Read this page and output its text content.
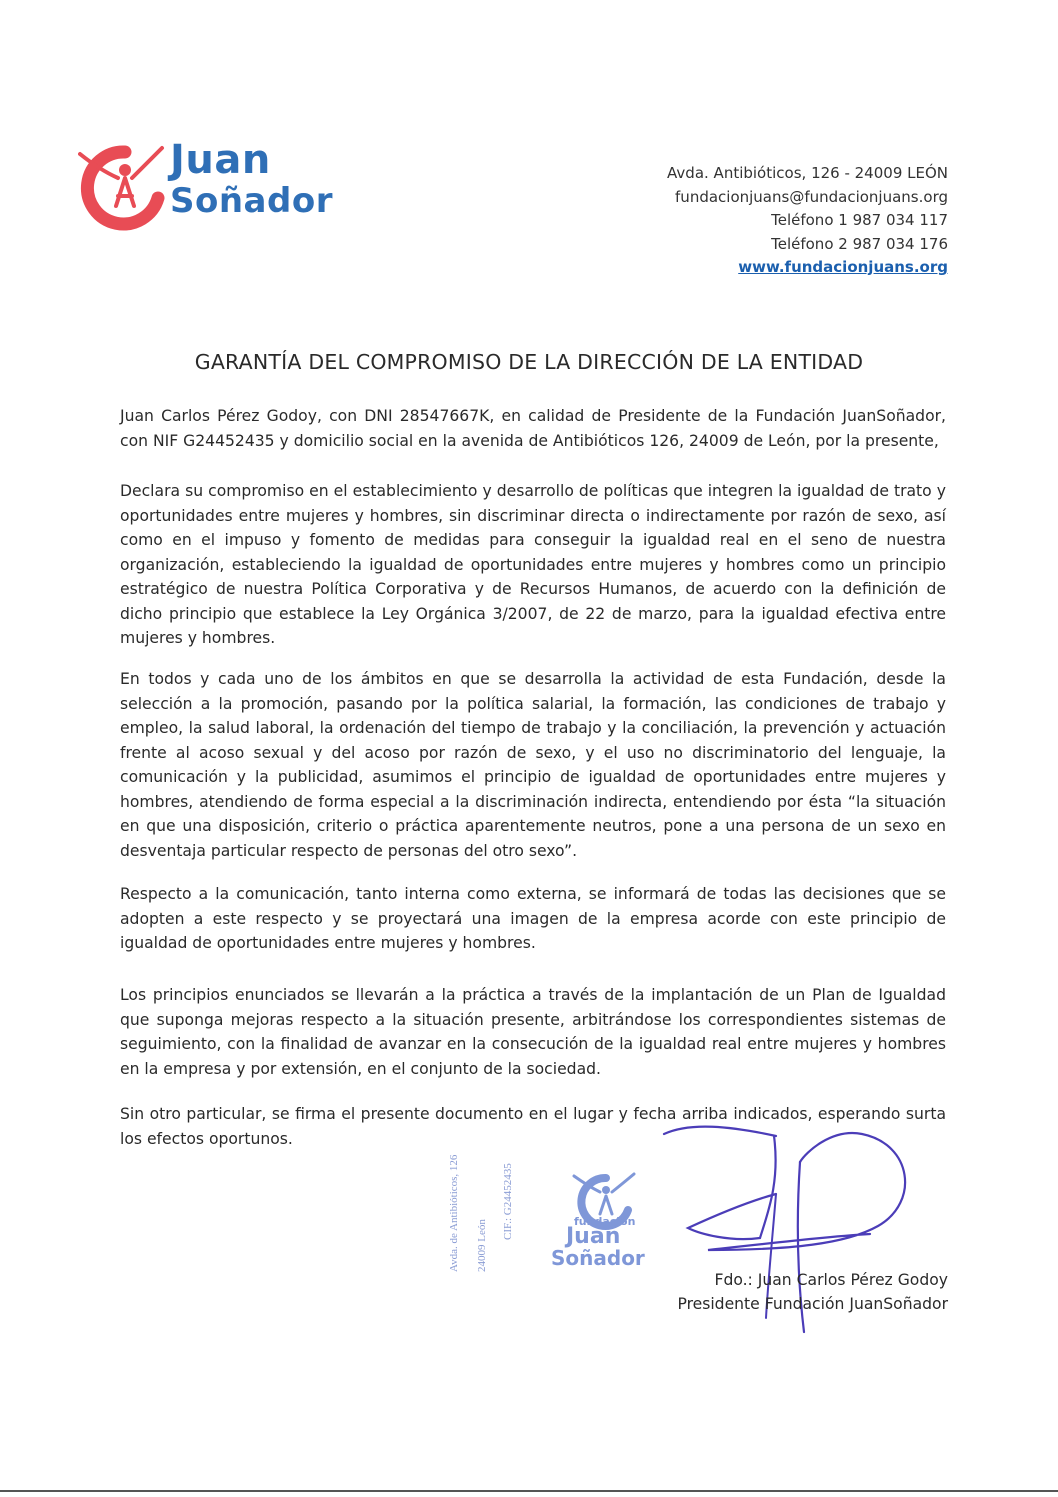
Juan
Soñador
Avda. Antibióticos, 126 - 24009 LEÓN
fundacionjuans@fundacionjuans.org
Teléfono 1 987 034 117
Teléfono 2 987 034 176
www.fundacionjuans.org
GARANTÍA DEL COMPROMISO DE LA DIRECCIÓN DE LA ENTIDAD

Juan Carlos Pérez Godoy, con DNI 28547667K, en calidad de Presidente de la Fundación JuanSoñador, con NIF G24452435 y domicilio social en la avenida de Antibióticos 126, 24009 de León, por la presente,

Declara su compromiso en el establecimiento y desarrollo de políticas que integren la igualdad de trato y oportunidades entre mujeres y hombres, sin discriminar directa o indirectamente por razón de sexo, así como en el impuso y fomento de medidas para conseguir la igualdad real en el seno de nuestra organización, estableciendo la igualdad de oportunidades entre mujeres y hombres como un principio estratégico de nuestra Política Corporativa y de Recursos Humanos, de acuerdo con la definición de dicho principio que establece la Ley Orgánica 3/2007, de 22 de marzo, para la igualdad efectiva entre mujeres y hombres.

En todos y cada uno de los ámbitos en que se desarrolla la actividad de esta Fundación, desde la selección a la promoción, pasando por la política salarial, la formación, las condiciones de trabajo y empleo, la salud laboral, la ordenación del tiempo de trabajo y la conciliación, la prevención y actuación frente al acoso sexual y del acoso por razón de sexo, y el uso no discriminatorio del lenguaje, la comunicación y la publicidad, asumimos el principio de igualdad de oportunidades entre mujeres y hombres, atendiendo de forma especial a la discriminación indirecta, entendiendo por ésta “la situación en que una disposición, criterio o práctica aparentemente neutros, pone a una persona de un sexo en desventaja particular respecto de personas del otro sexo”.

Respecto a la comunicación, tanto interna como externa, se informará de todas las decisiones que se adopten a este respecto y se proyectará una imagen de la empresa acorde con este principio de igualdad de oportunidades entre mujeres y hombres.

Los principios enunciados se llevarán a la práctica a través de la implantación de un Plan de Igualdad que suponga mejoras respecto a la situación presente, arbitrándose los correspondientes sistemas de seguimiento, con la finalidad de avanzar en la consecución de la igualdad real entre mujeres y hombres en la empresa y por extensión, en el conjunto de la sociedad.

Sin otro particular, se firma el presente documento en el lugar y fecha arriba indicados, esperando surta los efectos oportunos.

Avda. de Antibióticos, 126 24009 León
CIF.: G24452435	fundación
Juan
Soñador
Fdo.: Juan Carlos Pérez Godoy
Presidente Fundación JuanSoñador
